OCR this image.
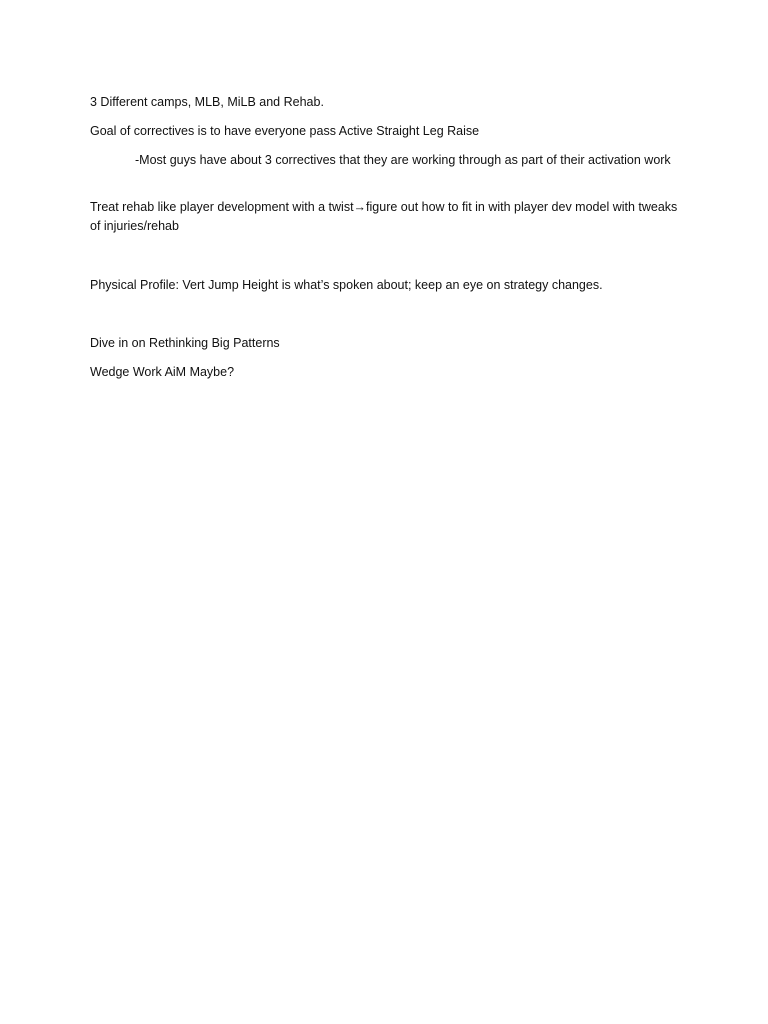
3 Different camps, MLB, MiLB and Rehab.

Goal of correctives is to have everyone pass Active Straight Leg Raise

-Most guys have about 3 correctives that they are working through as part of their activation work

Treat rehab like player development with a twist→figure out how to fit in with player dev model with tweaks of injuries/rehab

Physical Profile: Vert Jump Height is what’s spoken about; keep an eye on strategy changes.

Dive in on Rethinking Big Patterns

Wedge Work AiM Maybe?
